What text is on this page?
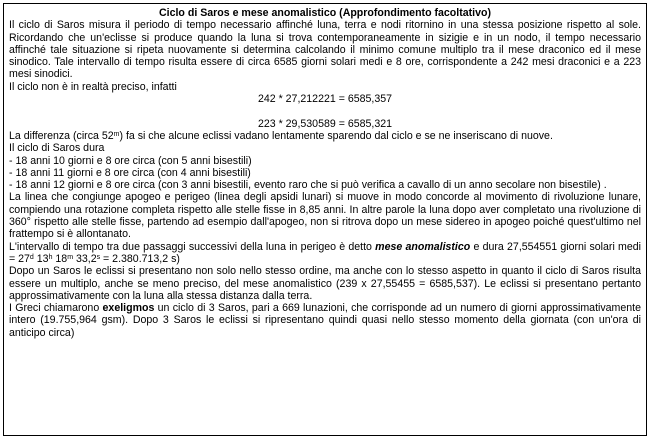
Ciclo di Saros e mese anomalistico (Approfondimento facoltativo)
Il ciclo di Saros misura il periodo di tempo necessario affinché luna, terra e nodi ritornino in una stessa posizione rispetto al sole. Ricordando che un'eclisse si produce quando la luna si trova contemporaneamente in sizigie e in un nodo, il tempo necessario affinché tale situazione si ripeta nuovamente si determina calcolando il minimo comune multiplo tra il mese draconico ed il mese sinodico. Tale intervallo di tempo risulta essere di circa 6585 giorni solari medi e 8 ore, corrispondente a 242 mesi draconici e a 223 mesi sinodici.
Il ciclo non è in realtà preciso, infatti
242 * 27,212221 = 6585,357
223 * 29,530589 = 6585,321
La differenza (circa 52$^m$) fa si che alcune eclissi vadano lentamente sparendo dal ciclo e se ne inseriscano di nuove.
Il ciclo di Saros dura
- 18 anni 10 giorni e 8 ore circa (con 5 anni bisestili)
- 18 anni 11 giorni e 8 ore circa (con 4 anni bisestili)
- 18 anni 12 giorni e 8 ore circa (con 3 anni bisestili, evento raro che si può verifica a cavallo di un anno secolare non bisestile) .
La linea che congiunge apogeo e perigeo (linea degli apsidi lunari) si muove in modo concorde al movimento di rivoluzione lunare, compiendo una rotazione completa rispetto alle stelle fisse in 8,85 anni. In altre parole la luna dopo aver completato una rivoluzione di 360° rispetto alle stelle fisse, partendo ad esempio dall'apogeo, non si ritrova dopo un mese sidereo in apogeo poiché quest'ultimo nel frattempo si è allontanato.
L'intervallo di tempo tra due passaggi successivi della luna in perigeo è detto mese anomalistico e dura 27,554551 giorni solari medi = $27^d$ 13$^h$ 18$^m$ $33,2^s = 2.380.713,2$ s)
Dopo un Saros le eclissi si presentano non solo nello stesso ordine, ma anche con lo stesso aspetto in quanto il ciclo di Saros risulta essere un multiplo, anche se meno preciso, del mese anomalistico (239 x 27,55455 = 6585,537). Le eclissi si presentano pertanto approssimativamente con la luna alla stessa distanza dalla terra.
I Greci chiamarono exeligmos un ciclo di 3 Saros, pari a 669 lunazioni, che corrisponde ad un numero di giorni approssimativamente intero (19.755,964 gsm). Dopo 3 Saros le eclissi si ripresentano quindi quasi nello stesso momento della giornata (con un'ora di anticipo circa)
